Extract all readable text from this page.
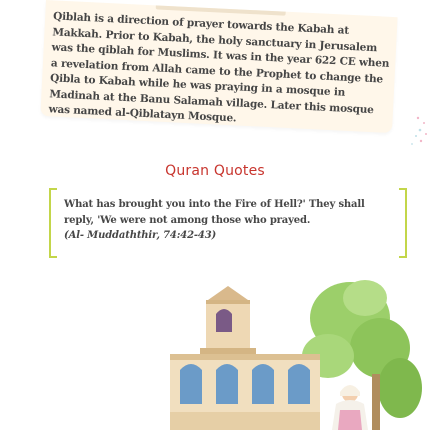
Qiblah is a direction of prayer towards the Kabah at Makkah. Prior to Kabah, the holy sanctuary in Jerusalem was the qiblah for Muslims. It was in the year 622 CE when a revelation from Allah came to the Prophet to change the Qibla to Kabah while he was praying in a mosque in Madinah at the Banu Salamah village. Later this mosque was named al-Qiblatayn Mosque.

Quran Quotes

What has brought you into the Fire of Hell?' They shall reply, 'We were not among those who prayed.
(Al- Muddaththir, 74:42-43)
